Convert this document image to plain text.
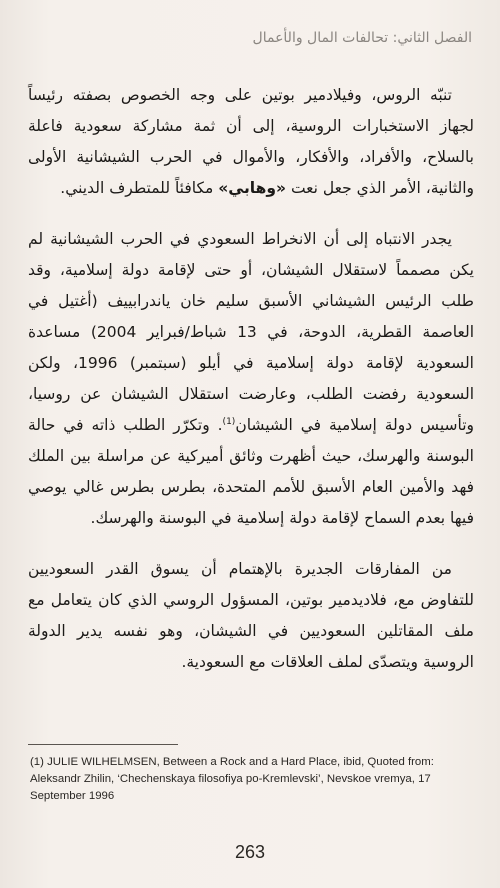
الفصل الثاني: تحالفات المال والأعمال

تنبّه الروس، وفيلادمير بوتين على وجه الخصوص بصفته رئيساً لجهاز الاستخبارات الروسية، إلى أن ثمة مشاركة سعودية فاعلة بالسلاح، والأفراد، والأفكار، والأموال في الحرب الشيشانية الأولى والثانية، الأمر الذي جعل نعت «وهابي» مكافئاً للمتطرف الديني.

يجدر الانتباه إلى أن الانخراط السعودي في الحرب الشيشانية لم يكن مصمماً لاستقلال الشيشان، أو حتى لإقامة دولة إسلامية، وقد طلب الرئيس الشيشاني الأسبق سليم خان ياندرابييف (أغتيل في العاصمة القطرية، الدوحة، في 13 شباط/فبراير 2004) مساعدة السعودية لإقامة دولة إسلامية في أيلو (سبتمبر) 1996، ولكن السعودية رفضت الطلب، وعارضت استقلال الشيشان عن روسيا، وتأسيس دولة إسلامية في الشيشان$^{(1)}$. وتكرّر الطلب ذاته في حالة البوسنة والهرسك، حيث أظهرت وثائق أميركية عن مراسلة بين الملك فهد والأمين العام الأسبق للأمم المتحدة، بطرس بطرس غالي يوصي فيها بعدم السماح لإقامة دولة إسلامية في البوسنة والهرسك.

من المفارقات الجديرة بالإهتمام أن يسوق القدر السعوديين للتفاوض مع، فلاديدمير بوتين، المسؤول الروسي الذي كان يتعامل مع ملف المقاتلين السعوديين في الشيشان، وهو نفسه يدير الدولة الروسية ويتصدّى لملف العلاقات مع السعودية.

(1) JULIE WILHELMSEN, Between a Rock and a Hard Place, ibid, Quoted from: Aleksandr Zhilin, ‘Chechenskaya filosofiya po-Kremlevski’, Nevskoe vremya, 17 September 1996
263
